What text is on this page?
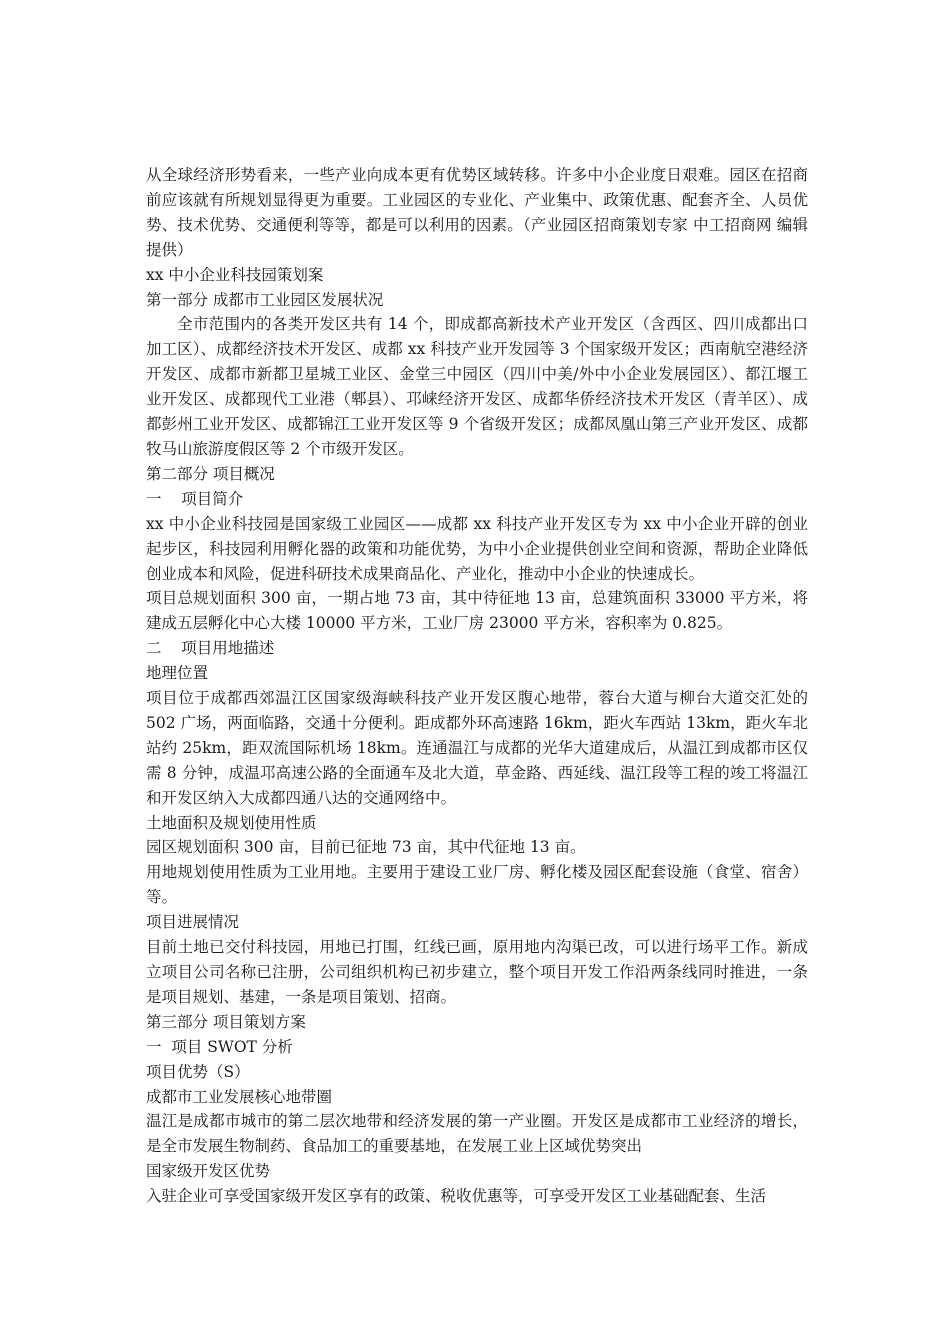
从全球经济形势看来，一些产业向成本更有优势区域转移。许多中小企业度日艰难。园区在招商前应该就有所规划显得更为重要。工业园区的专业化、产业集中、政策优惠、配套齐全、人员优势、技术优势、交通便利等等，都是可以利用的因素。（产业园区招商策划专家 中工招商网 编辑提供）

xx 中小企业科技园策划案

第一部分 成都市工业园区发展状况

全市范围内的各类开发区共有 14 个，即成都高新技术产业开发区（含西区、四川成都出口加工区）、成都经济技术开发区、成都 xx 科技产业开发园等 3 个国家级开发区；西南航空港经济开发区、成都市新都卫星城工业区、金堂三中园区（四川中美/外中小企业发展园区）、都江堰工业开发区、成都现代工业港（郫县）、邛崃经济开发区、成都华侨经济技术开发区（青羊区）、成都彭州工业开发区、成都锦江工业开发区等 9 个省级开发区；成都凤凰山第三产业开发区、成都牧马山旅游度假区等 2 个市级开发区。

第二部分 项目概况

一    项目简介

xx 中小企业科技园是国家级工业园区——成都 xx 科技产业开发区专为 xx 中小企业开辟的创业起步区，科技园利用孵化器的政策和功能优势，为中小企业提供创业空间和资源，帮助企业降低创业成本和风险，促进科研技术成果商品化、产业化，推动中小企业的快速成长。

项目总规划面积 300 亩，一期占地 73 亩，其中待征地 13 亩，总建筑面积 33000 平方米，将建成五层孵化中心大楼 10000 平方米，工业厂房 23000 平方米，容积率为 0.825。

二    项目用地描述

地理位置

项目位于成都西郊温江区国家级海峡科技产业开发区腹心地带，蓉台大道与柳台大道交汇处的 502 广场，两面临路，交通十分便利。距成都外环高速路 16km，距火车西站 13km，距火车北站约 25km，距双流国际机场 18km。连通温江与成都的光华大道建成后，从温江到成都市区仅需 8 分钟，成温邛高速公路的全面通车及北大道，草金路、西延线、温江段等工程的竣工将温江和开发区纳入大成都四通八达的交通网络中。

土地面积及规划使用性质

园区规划面积 300 亩，目前已征地 73 亩，其中代征地 13 亩。

用地规划使用性质为工业用地。主要用于建设工业厂房、孵化楼及园区配套设施（食堂、宿舍）等。

项目进展情况

目前土地已交付科技园，用地已打围，红线已画，原用地内沟渠已改，可以进行场平工作。新成立项目公司名称已注册，公司组织机构已初步建立，整个项目开发工作沿两条线同时推进，一条是项目规划、基建，一条是项目策划、招商。

第三部分 项目策划方案

一  项目 SWOT 分析

项目优势（S）

成都市工业发展核心地带圈

温江是成都市城市的第二层次地带和经济发展的第一产业圈。开发区是成都市工业经济的增长，是全市发展生物制药、食品加工的重要基地，在发展工业上区域优势突出

国家级开发区优势

入驻企业可享受国家级开发区享有的政策、税收优惠等，可享受开发区工业基础配套、生活
